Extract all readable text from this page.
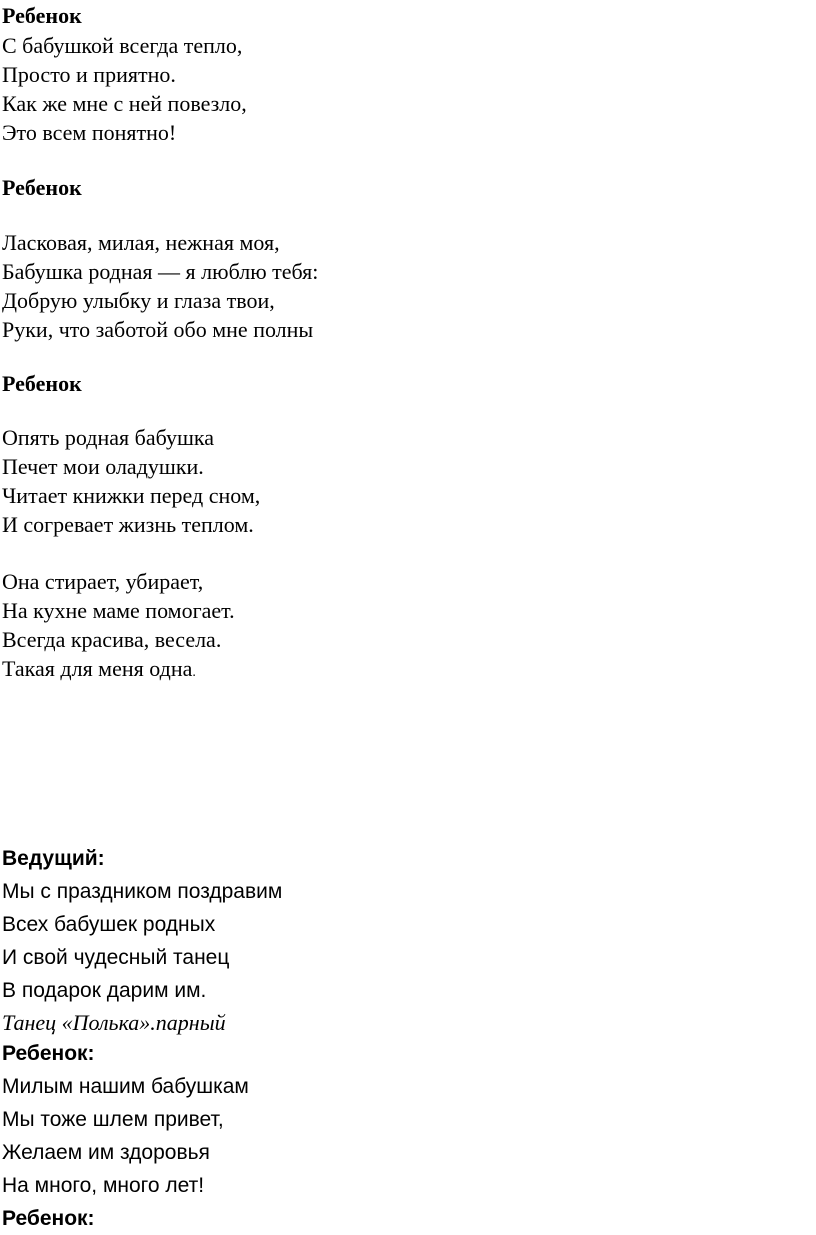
Ребенок

С бабушкой всегда тепло,

Просто и приятно.

Как же мне с ней повезло,

Это всем понятно!

Ребенок

Ласковая, милая, нежная моя,

Бабушка родная — я люблю тебя:

Добрую улыбку и глаза твои,

Руки, что заботой обо мне полны

Ребенок

Опять родная бабушка

Печет мои оладушки.

Читает книжки перед сном,

И согревает жизнь теплом.

Она стирает, убирает,

На кухне маме помогает.

Всегда красива, весела.

Такая для меня одна.

Ведущий:

Мы с праздником поздравим

Всех бабушек родных

И свой чудесный танец

В подарок дарим им.

Танец «Полька».парный

Ребенок:

Милым нашим бабушкам

Мы тоже шлем привет,

Желаем им здоровья

На много, много лет!

Ребенок:
